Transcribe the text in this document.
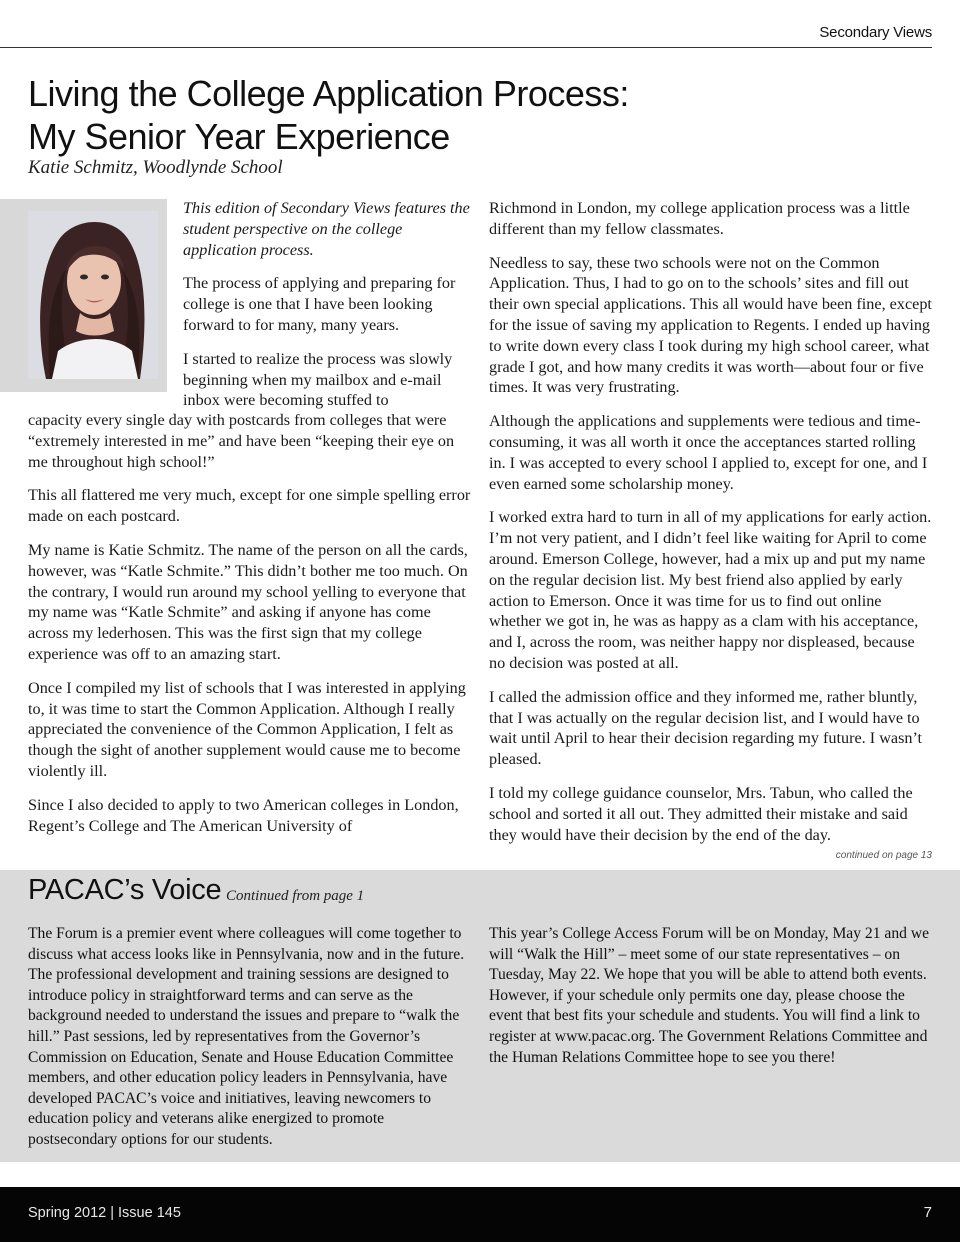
Secondary Views
Living the College Application Process:
My Senior Year Experience
Katie Schmitz, Woodlynde School

This edition of Secondary Views features the student perspective on the college application process.

The process of applying and preparing for college is one that I have been looking forward to for many, many years.

I started to realize the process was slowly beginning when my mailbox and e-mail inbox were becoming stuffed to

capacity every single day with postcards from colleges that were “extremely interested in me” and have been “keeping their eye on me throughout high school!”

This all flattered me very much, except for one simple spelling error made on each postcard.

My name is Katie Schmitz. The name of the person on all the cards, however, was “Katle Schmite.” This didn’t bother me too much. On the contrary, I would run around my school yelling to everyone that my name was “Katle Schmite” and asking if anyone has come across my lederhosen. This was the first sign that my college experience was off to an amazing start.

Once I compiled my list of schools that I was interested in applying to, it was time to start the Common Application. Although I really appreciated the convenience of the Common Application, I felt as though the sight of another supplement would cause me to become violently ill.

Since I also decided to apply to two American colleges in London, Regent’s College and The American University of

Richmond in London, my college application process was a little different than my fellow classmates.

Needless to say, these two schools were not on the Common Application. Thus, I had to go on to the schools’ sites and fill out their own special applications. This all would have been fine, except for the issue of saving my application to Regents. I ended up having to write down every class I took during my high school career, what grade I got, and how many credits it was worth—about four or five times. It was very frustrating.

Although the applications and supplements were tedious and time-consuming, it was all worth it once the acceptances started rolling in. I was accepted to every school I applied to, except for one, and I even earned some scholarship money.

I worked extra hard to turn in all of my applications for early action. I’m not very patient, and I didn’t feel like waiting for April to come around. Emerson College, however, had a mix up and put my name on the regular decision list. My best friend also applied by early action to Emerson. Once it was time for us to find out online whether we got in, he was as happy as a clam with his acceptance, and I, across the room, was neither happy nor displeased, because no decision was posted at all.

I called the admission office and they informed me, rather bluntly, that I was actually on the regular decision list, and I would have to wait until April to hear their decision regarding my future. I wasn’t pleased.

I told my college guidance counselor, Mrs. Tabun, who called the school and sorted it all out. They admitted their mistake and said they would have their decision by the end of the day.

continued on page 13
PACAC’s Voice Continued from page 1

The Forum is a premier event where colleagues will come together to discuss what access looks like in Pennsylvania, now and in the future. The professional development and training sessions are designed to introduce policy in straightforward terms and can serve as the background needed to understand the issues and prepare to “walk the hill.” Past sessions, led by representatives from the Governor’s Commission on Education, Senate and House Education Committee members, and other education policy leaders in Pennsylvania, have developed PACAC’s voice and initiatives, leaving newcomers to education policy and veterans alike energized to promote postsecondary options for our students.

This year’s College Access Forum will be on Monday, May 21 and we will “Walk the Hill” – meet some of our state representatives – on Tuesday, May 22. We hope that you will be able to attend both events. However, if your schedule only permits one day, please choose the event that best fits your schedule and students. You will find a link to register at www.pacac.org. The Government Relations Committee and the Human Relations Committee hope to see you there!

Spring 2012 | Issue 145	7
